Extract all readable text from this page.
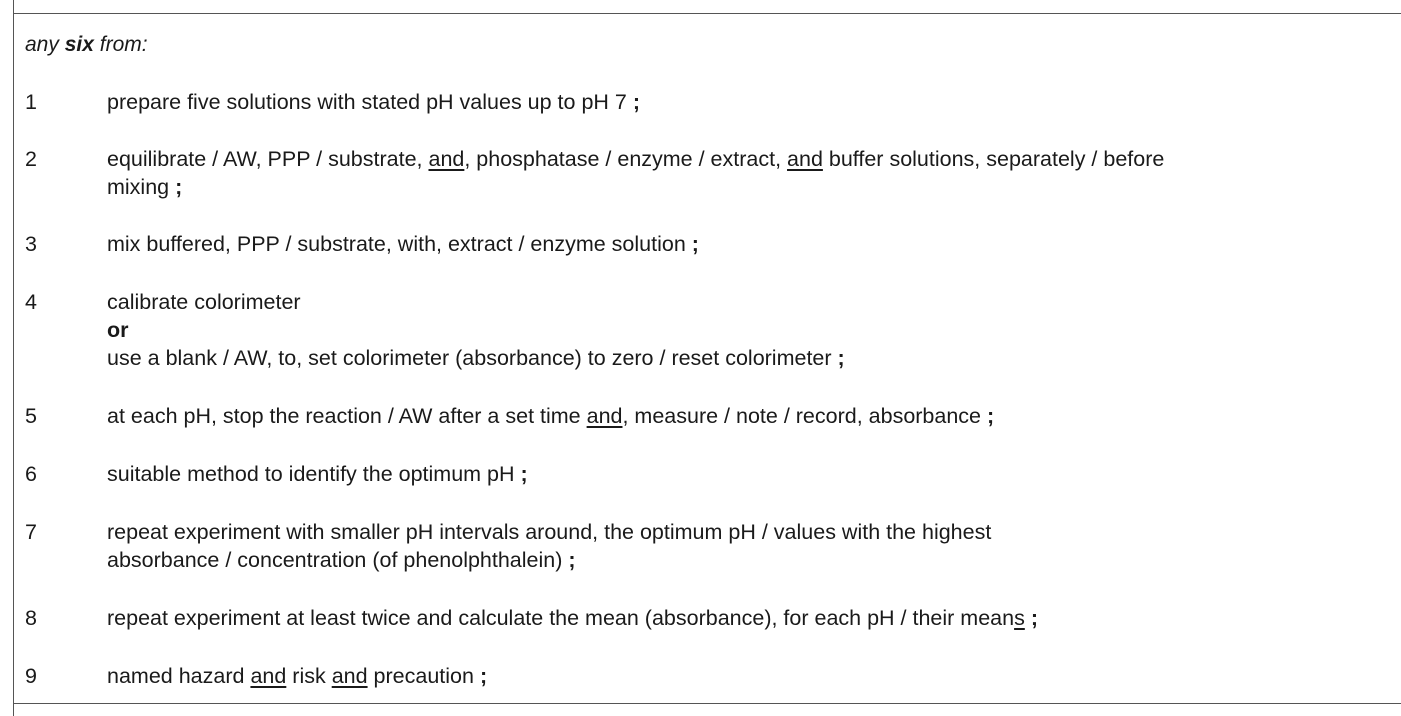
any six from:
1	prepare five solutions with stated pH values up to pH 7 ;
2	equilibrate / AW, PPP / substrate, and, phosphatase / enzyme / extract, and buffer solutions, separately / before
mixing ;
3	mix buffered, PPP / substrate, with, extract / enzyme solution ;
4	calibrate colorimeter
or
use a blank / AW, to, set colorimeter (absorbance) to zero / reset colorimeter ;
5	at each pH, stop the reaction / AW after a set time and, measure / note / record, absorbance ;
6	suitable method to identify the optimum pH ;
7	repeat experiment with smaller pH intervals around, the optimum pH / values with the highest
absorbance / concentration (of phenolphthalein) ;
8	repeat experiment at least twice and calculate the mean (absorbance), for each pH / their means ;
9	named hazard and risk and precaution ;
